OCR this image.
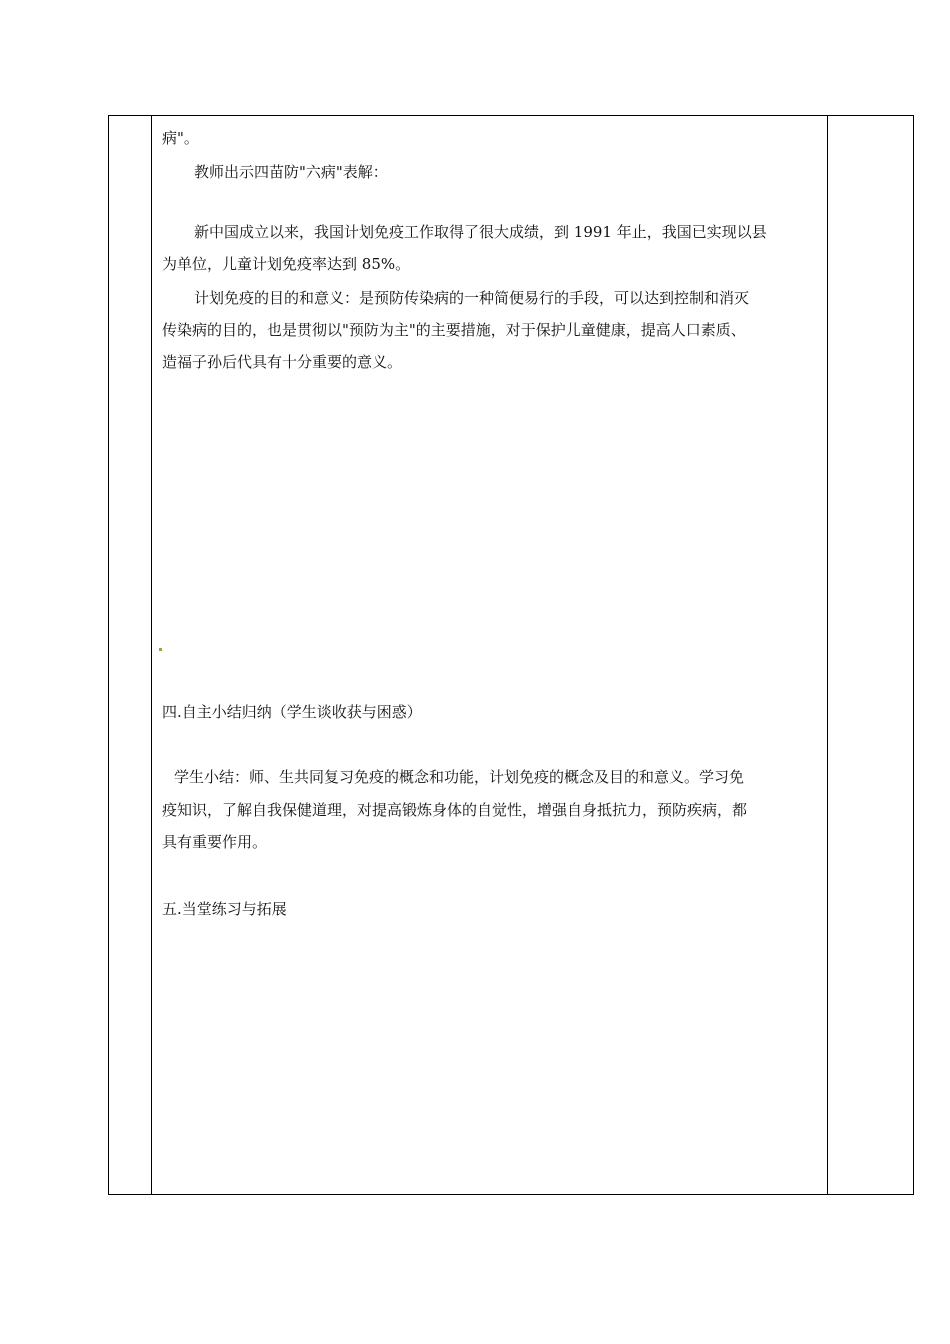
病"。
教师出示四苗防"六病"表解：
新中国成立以来，我国计划免疫工作取得了很大成绩，到 1991 年止，我国已实现以县
为单位，儿童计划免疫率达到 85%。
计划免疫的目的和意义：是预防传染病的一种简便易行的手段，可以达到控制和消灭
传染病的目的，也是贯彻以"预防为主"的主要措施，对于保护儿童健康，提高人口素质、
造福子孙后代具有十分重要的意义。
四.自主小结归纳（学生谈收获与困惑）
学生小结：师、生共同复习免疫的概念和功能，计划免疫的概念及目的和意义。学习免
疫知识，了解自我保健道理，对提高锻炼身体的自觉性，增强自身抵抗力，预防疾病，都
具有重要作用。
五.当堂练习与拓展
